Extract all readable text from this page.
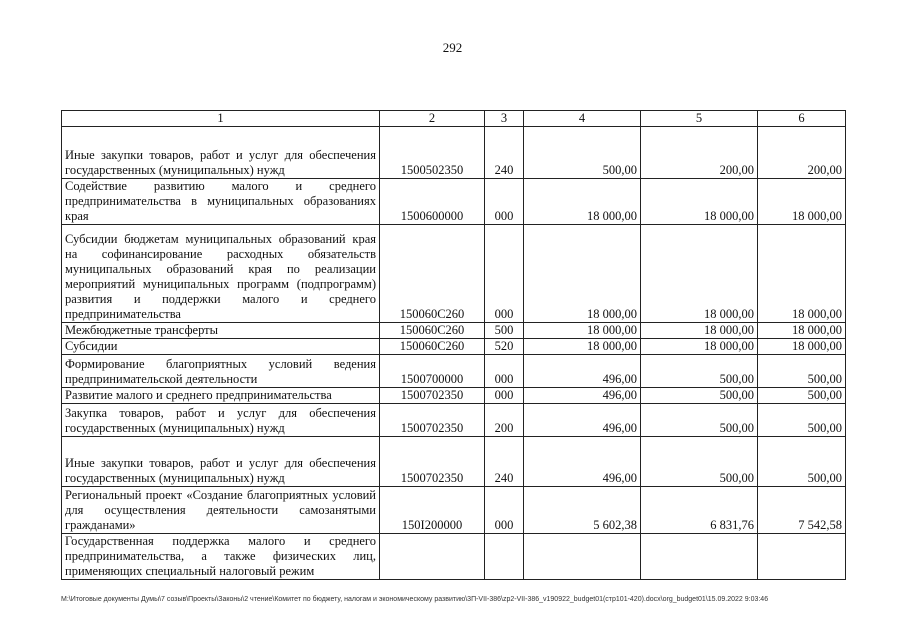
292
1	2	3	4	5	6
Иные закупки товаров, работ и услуг для обеспечения государственных (муниципальных) нужд	1500502350	240	500,00	200,00	200,00
Содействие развитию малого и среднего предпринимательства в муниципальных образованиях края	1500600000	000	18 000,00	18 000,00	18 000,00
Субсидии бюджетам муниципальных образований края на софинансирование расходных обязательств муниципальных образований края по реализации мероприятий муниципальных программ (подпрограмм) развития и поддержки малого и среднего предпринимательства	150060С260	000	18 000,00	18 000,00	18 000,00
Межбюджетные трансферты	150060С260	500	18 000,00	18 000,00	18 000,00
Субсидии	150060С260	520	18 000,00	18 000,00	18 000,00
Формирование благоприятных условий ведения предпринимательской деятельности	1500700000	000	496,00	500,00	500,00
Развитие малого и среднего предпринимательства	1500702350	000	496,00	500,00	500,00
Закупка товаров, работ и услуг для обеспечения государственных (муниципальных) нужд	1500702350	200	496,00	500,00	500,00
Иные закупки товаров, работ и услуг для обеспечения государственных (муниципальных) нужд	1500702350	240	496,00	500,00	500,00
Региональный проект «Создание благоприятных условий для осуществления деятельности самозанятыми гражданами»	150I200000	000	5 602,38	6 831,76	7 542,58
Государственная поддержка малого и среднего предпринимательства, а также физических лиц, применяющих специальный налоговый режим					
M:\Итоговые документы Думы\7 созыв\Проекты\Законы\2 чтение\Комитет по бюджету, налогам и экономическому развитию\3П-VII-386\zp2-VII-386_v190922_budget01(стр101-420).docx\org_budget01\15.09.2022 9:03:46
